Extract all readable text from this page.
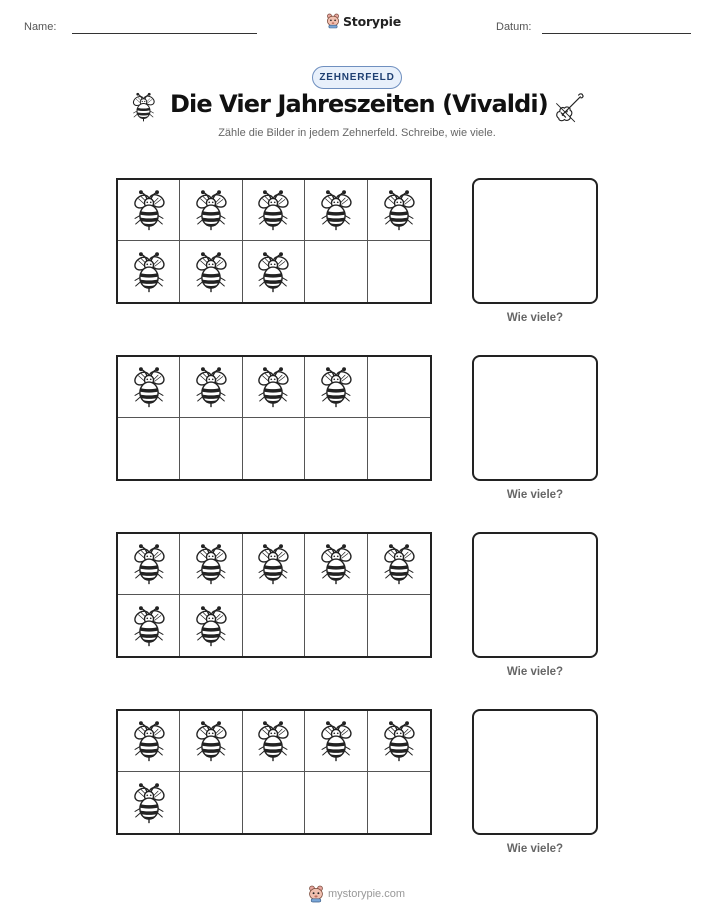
Name:	Storypie	Datum:
ZEHNERFELD
Die Vier Jahreszeiten (Vivaldi)
Zähle die Bilder in jedem Zehnerfeld. Schreibe, wie viele.
Wie viele?
Wie viele?
Wie viele?
Wie viele?
mystorypie.com
